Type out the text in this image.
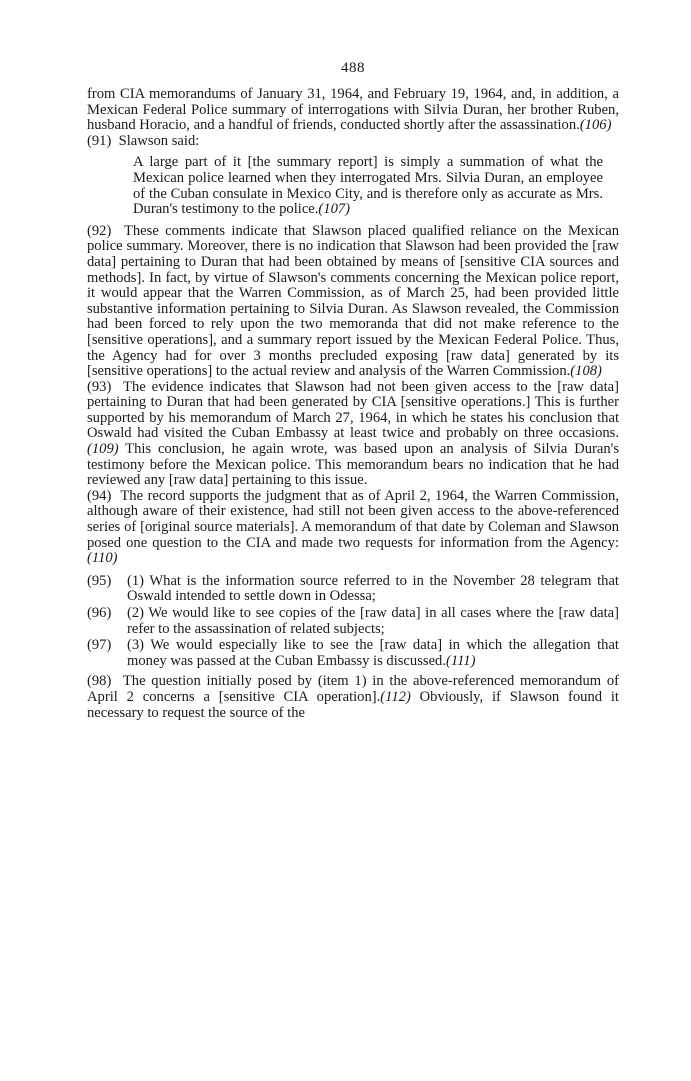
488

from CIA memorandums of January 31, 1964, and February 19, 1964, and, in addition, a Mexican Federal Police summary of interrogations with Silvia Duran, her brother Ruben, husband Horacio, and a handful of friends, conducted shortly after the assassination.(106)

(91) Slawson said:

A large part of it [the summary report] is simply a summation of what the Mexican police learned when they interrogated Mrs. Silvia Duran, an employee of the Cuban consulate in Mexico City, and is therefore only as accurate as Mrs. Duran's testimony to the police.(107)

(92) These comments indicate that Slawson placed qualified reliance on the Mexican police summary. Moreover, there is no indication that Slawson had been provided the [raw data] pertaining to Duran that had been obtained by means of [sensitive CIA sources and methods]. In fact, by virtue of Slawson's comments concerning the Mexican police report, it would appear that the Warren Commission, as of March 25, had been provided little substantive information pertaining to Silvia Duran. As Slawson revealed, the Commission had been forced to rely upon the two memoranda that did not make reference to the [sensitive operations], and a summary report issued by the Mexican Federal Police. Thus, the Agency had for over 3 months precluded exposing [raw data] generated by its [sensitive operations] to the actual review and analysis of the Warren Commission.(108)

(93) The evidence indicates that Slawson had not been given access to the [raw data] pertaining to Duran that had been generated by CIA [sensitive operations.] This is further supported by his memorandum of March 27, 1964, in which he states his conclusion that Oswald had visited the Cuban Embassy at least twice and probably on three occasions.(109) This conclusion, he again wrote, was based upon an analysis of Silvia Duran's testimony before the Mexican police. This memorandum bears no indication that he had reviewed any [raw data] pertaining to this issue.

(94) The record supports the judgment that as of April 2, 1964, the Warren Commission, although aware of their existence, had still not been given access to the above-referenced series of [original source materials]. A memorandum of that date by Coleman and Slawson posed one question to the CIA and made two requests for information from the Agency:(110)

(95)	(1) What is the information source referred to in the November 28 telegram that Oswald intended to settle down in Odessa;
(96)	(2) We would like to see copies of the [raw data] in all cases where the [raw data] refer to the assassination of related subjects;
(97)	(3) We would especially like to see the [raw data] in which the allegation that money was passed at the Cuban Embassy is discussed.(111)

(98) The question initially posed by (item 1) in the above-referenced memorandum of April 2 concerns a [sensitive CIA operation].(112) Obviously, if Slawson found it necessary to request the source of the
